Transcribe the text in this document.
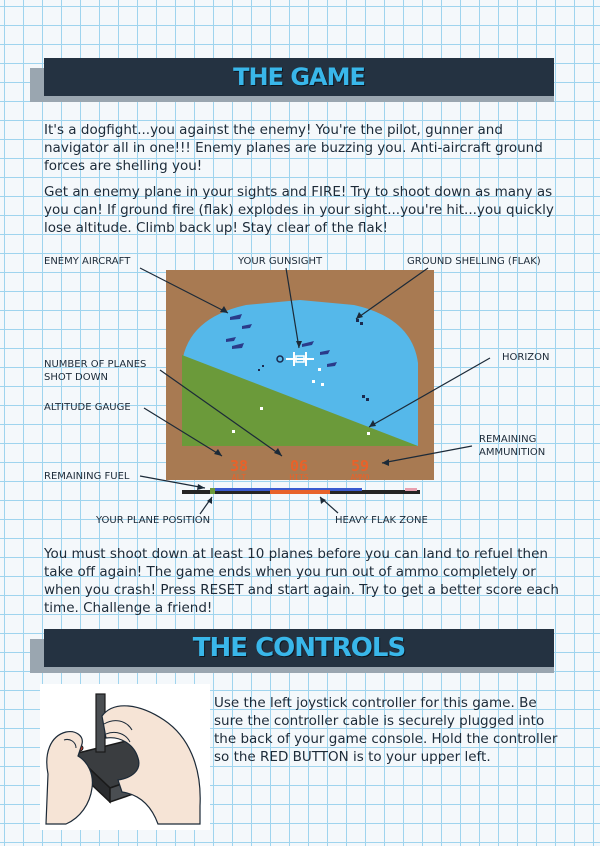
THE GAME

It's a dogfight...you against the enemy! You're the pilot, gunner and navigator all in one!!! Enemy planes are buzzing you. Anti-aircraft ground forces are shelling you!

Get an enemy plane in your sights and FIRE! Try to shoot down as many as you can! If ground fire (flak) explodes in your sight...you're hit...you quickly lose altitude. Climb back up! Stay clear of the flak!

38
ALT
06
HITS
59
AMMO
ENEMY AIRCRAFT	YOUR GUNSIGHT	GROUND SHELLING (FLAK)
NUMBER OF PLANES
SHOT DOWN
HORIZON
ALTITUDE GAUGE
REMAINING
AMMUNITION
REMAINING FUEL
YOUR PLANE POSITION	HEAVY FLAK ZONE

You must shoot down at least 10 planes before you can land to refuel then take off again! The game ends when you run out of ammo completely or when you crash! Press RESET and start again. Try to get a better score each time. Challenge a friend!

THE CONTROLS

Use the left joystick controller for this game. Be sure the controller cable is securely plugged into the back of your game console. Hold the controller so the RED BUTTON is to your upper left.
